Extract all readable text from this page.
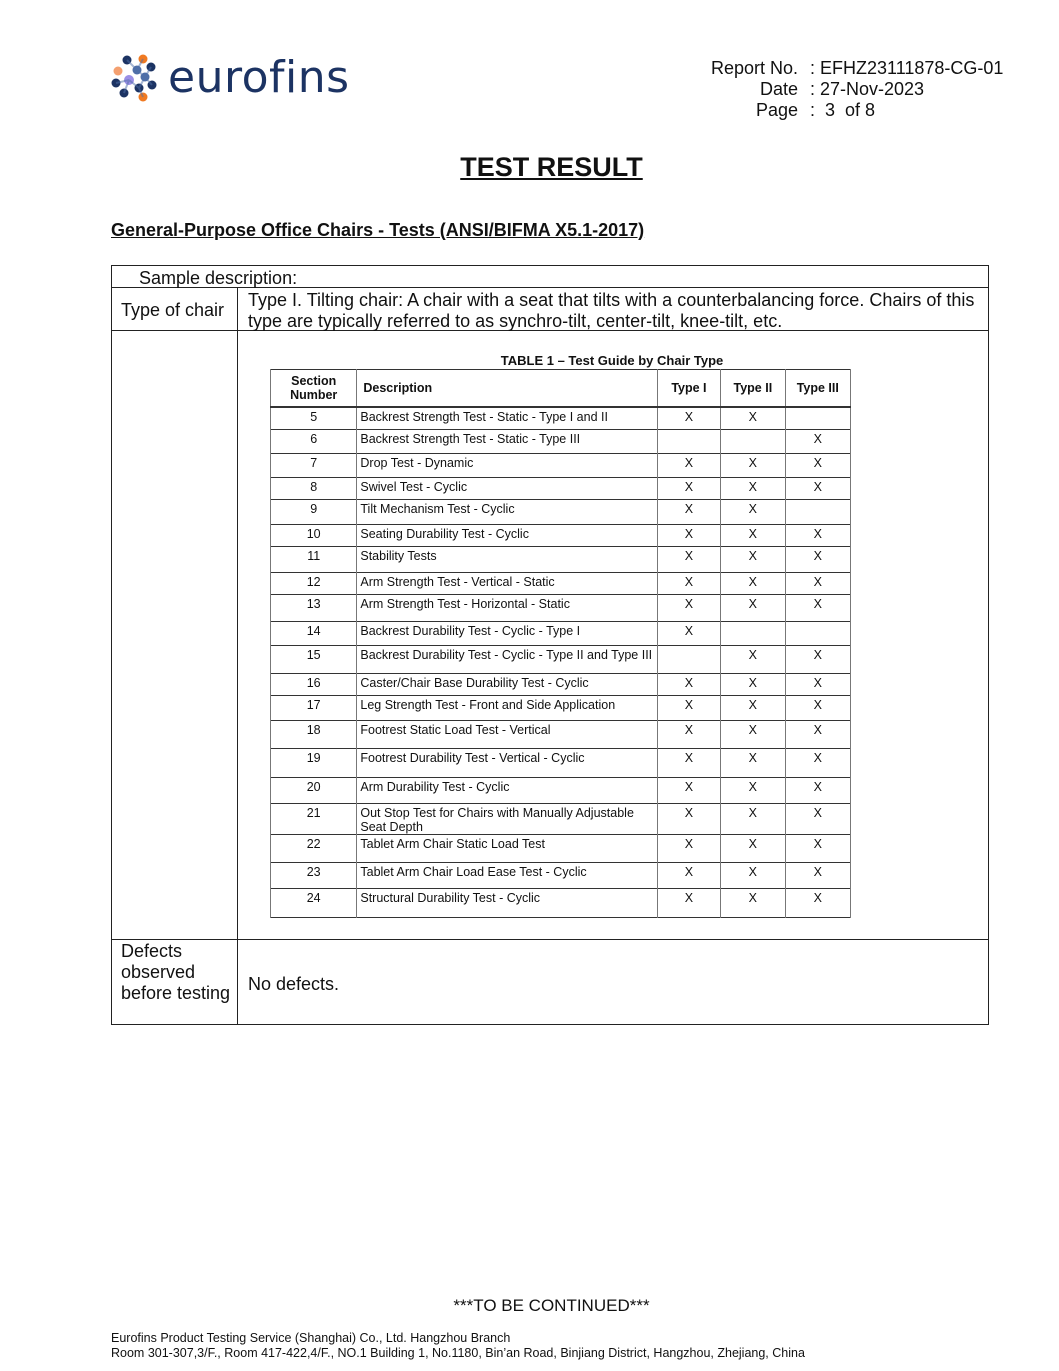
eurofins	Report No. : EFHZ23111878-CG-01
Date : 27-Nov-2023
Page :  3  of 8
TEST RESULT
General-Purpose Office Chairs - Tests (ANSI/BIFMA X5.1-2017)
Sample description:
Type of chair Type I. Tilting chair: A chair with a seat that tilts with a counterbalancing force. Chairs of this type are typically referred to as synchro-tilt, center-tilt, knee-tilt, etc.
TABLE 1 – Test Guide by Chair Type
Section Number	Description	Type I	Type II	Type III
5	Backrest Strength Test - Static - Type I and II	X	X	
6	Backrest Strength Test - Static - Type III			X
7	Drop Test - Dynamic	X	X	X
8	Swivel Test - Cyclic	X	X	X
9	Tilt Mechanism Test - Cyclic	X	X	
10	Seating Durability Test - Cyclic	X	X	X
11	Stability Tests	X	X	X
12	Arm Strength Test - Vertical - Static	X	X	X
13	Arm Strength Test - Horizontal - Static	X	X	X
14	Backrest Durability Test - Cyclic - Type I	X		
15	Backrest Durability Test - Cyclic - Type II and Type III		X	X
16	Caster/Chair Base Durability Test - Cyclic	X	X	X
17	Leg Strength Test - Front and Side Application	X	X	X
18	Footrest Static Load Test - Vertical	X	X	X
19	Footrest Durability Test - Vertical - Cyclic	X	X	X
20	Arm Durability Test - Cyclic	X	X	X
21	Out Stop Test for Chairs with Manually Adjustable Seat Depth	X	X	X
22	Tablet Arm Chair Static Load Test	X	X	X
23	Tablet Arm Chair Load Ease Test - Cyclic	X	X	X
24	Structural Durability Test - Cyclic	X	X	X
Defects observed before testing No defects.
***TO BE CONTINUED***
Eurofins Product Testing Service (Shanghai) Co., Ltd. Hangzhou Branch
Room 301-307,3/F., Room 417-422,4/F., NO.1 Building 1, No.1180, Bin’an Road, Binjiang District, Hangzhou, Zhejiang, China
